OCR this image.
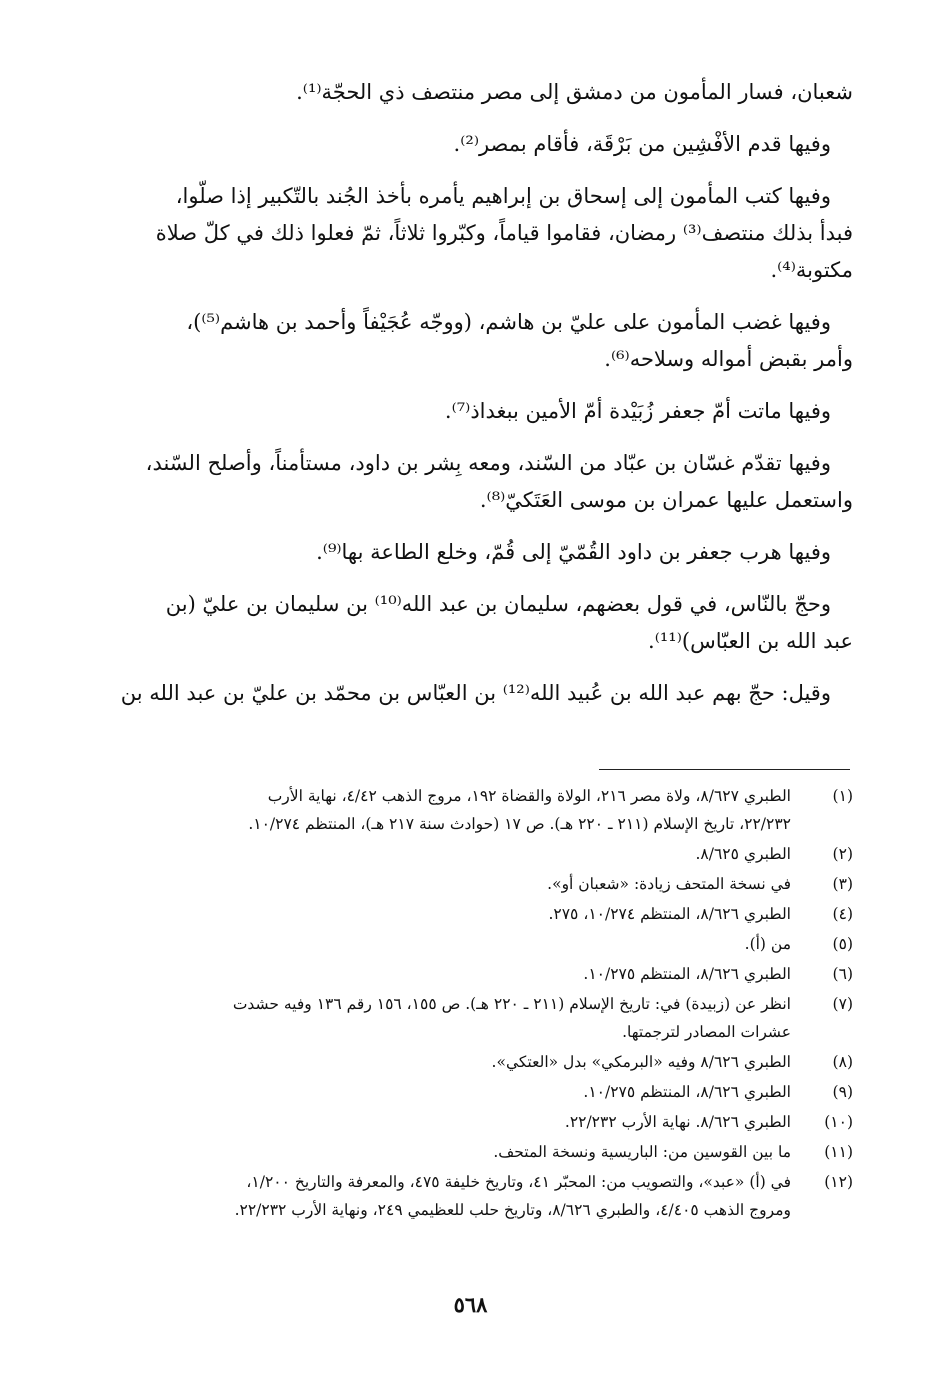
شعبان، فسار المأمون من دمشق إلى مصر منتصف ذي الحجّة⁽¹⁾.

وفيها قدم الأفْشِين من بَرْقَة، فأقام بمصر⁽²⁾.

وفيها كتب المأمون إلى إسحاق بن إبراهيم يأمره بأخذ الجُند بالتّكبير إذا صلّوا،
فبدأ بذلك منتصف⁽³⁾ رمضان، فقاموا قياماً، وكبّروا ثلاثاً، ثمّ فعلوا ذلك في كلّ صلاة
مكتوبة⁽⁴⁾.

وفيها غضب المأمون على عليّ بن هاشم، (ووجّه عُجَيْفاً وأحمد بن هاشم⁽⁵⁾)،
وأمر بقبض أمواله وسلاحه⁽⁶⁾.

وفيها ماتت أمّ جعفر زُبَيْدة أمّ الأمين ببغداذ⁽⁷⁾.

وفيها تقدّم غسّان بن عبّاد من السّند، ومعه بِشر بن داود، مستأمناً، وأصلح السّند،
واستعمل عليها عمران بن موسى العَتَكيّ⁽⁸⁾.

وفيها هرب جعفر بن داود القُمّيّ إلى قُمّ، وخلع الطاعة بها⁽⁹⁾.

وحجّ بالنّاس، في قول بعضهم، سليمان بن عبد الله⁽¹⁰⁾ بن سليمان بن عليّ (بن
عبد الله بن العبّاس)⁽¹¹⁾.

وقيل: حجّ بهم عبد الله بن عُبيد الله⁽¹²⁾ بن العبّاس بن محمّد بن عليّ بن عبد الله بن

(١)
الطبري ٨/٦٢٧، ولاة مصر ٢١٦، الولاة والقضاة ١٩٢، مروج الذهب ٤/٤٢، نهاية الأرب
٢٢/٢٣٢، تاريخ الإسلام (٢١١ ـ ٢٢٠ هـ). ص ١٧ (حوادث سنة ٢١٧ هـ)، المنتظم ١٠/٢٧٤.
(٢)
الطبري ٨/٦٢٥.
(٣)
في نسخة المتحف زيادة: «شعبان أو».
(٤)
الطبري ٨/٦٢٦، المنتظم ١٠/٢٧٤، ٢٧٥.
(٥)
من (أ).
(٦)
الطبري ٨/٦٢٦، المنتظم ١٠/٢٧٥.
(٧)
انظر عن (زبيدة) في: تاريخ الإسلام (٢١١ ـ ٢٢٠ هـ). ص ١٥٥، ١٥٦ رقم ١٣٦ وفيه حشدت
عشرات المصادر لترجمتها.
(٨)
الطبري ٨/٦٢٦ وفيه «البرمكي» بدل «العتكي».
(٩)
الطبري ٨/٦٢٦، المنتظم ١٠/٢٧٥.
(١٠)
الطبري ٨/٦٢٦. نهاية الأرب ٢٢/٢٣٢.
(١١)
ما بين القوسين من: الباريسية ونسخة المتحف.
(١٢)
في (أ) «عبد»، والتصويب من: المحبّر ٤١، وتاريخ خليفة ٤٧٥، والمعرفة والتاريخ ١/٢٠٠،
ومروج الذهب ٤/٤٠٥، والطبري ٨/٦٢٦، وتاريخ حلب للعظيمي ٢٤٩، ونهاية الأرب ٢٢/٢٣٢.
٥٦٨
